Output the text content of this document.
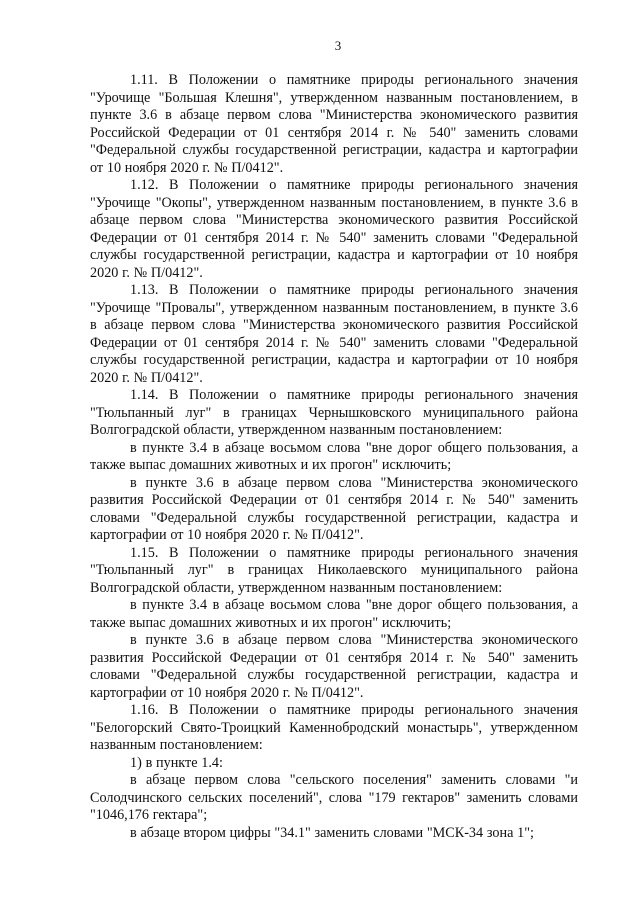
3

1.11. В Положении о памятнике природы регионального значения "Урочище "Большая Клешня", утвержденном названным постановлением, в пункте 3.6 в абзаце первом слова "Министерства экономического развития Российской Федерации от 01 сентября 2014 г. № 540" заменить словами "Федеральной службы государственной регистрации, кадастра и картографии от 10 ноября 2020 г. № П/0412".

1.12. В Положении о памятнике природы регионального значения "Урочище "Окопы", утвержденном названным постановлением, в пункте 3.6 в абзаце первом слова "Министерства экономического развития Российской Федерации от 01 сентября 2014 г. № 540" заменить словами "Федеральной службы государственной регистрации, кадастра и картографии от 10 ноября 2020 г. № П/0412".

1.13. В Положении о памятнике природы регионального значения "Урочище "Провалы", утвержденном названным постановлением, в пункте 3.6 в абзаце первом слова "Министерства экономического развития Российской Федерации от 01 сентября 2014 г. № 540" заменить словами "Федеральной службы государственной регистрации, кадастра и картографии от 10 ноября 2020 г. № П/0412".

1.14. В Положении о памятнике природы регионального значения "Тюльпанный луг" в границах Чернышковского муниципального района Волгоградской области, утвержденном названным постановлением:

в пункте 3.4 в абзаце восьмом слова "вне дорог общего пользования, а также выпас домашних животных и их прогон" исключить;

в пункте 3.6 в абзаце первом слова "Министерства экономического развития Российской Федерации от 01 сентября 2014 г. № 540" заменить словами "Федеральной службы государственной регистрации, кадастра и картографии от 10 ноября 2020 г. № П/0412".

1.15. В Положении о памятнике природы регионального значения "Тюльпанный луг" в границах Николаевского муниципального района Волгоградской области, утвержденном названным постановлением:

в пункте 3.4 в абзаце восьмом слова "вне дорог общего пользования, а также выпас домашних животных и их прогон" исключить;

в пункте 3.6 в абзаце первом слова "Министерства экономического развития Российской Федерации от 01 сентября 2014 г. № 540" заменить словами "Федеральной службы государственной регистрации, кадастра и картографии от 10 ноября 2020 г. № П/0412".

1.16. В Положении о памятнике природы регионального значения "Белогорский Свято-Троицкий Каменнобродский монастырь", утвержденном названным постановлением:

1) в пункте 1.4:

в абзаце первом слова "сельского поселения" заменить словами "и Солодчинского сельских поселений", слова "179 гектаров" заменить словами "1046,176 гектара";

в абзаце втором цифры "34.1" заменить словами "МСК-34 зона 1";
